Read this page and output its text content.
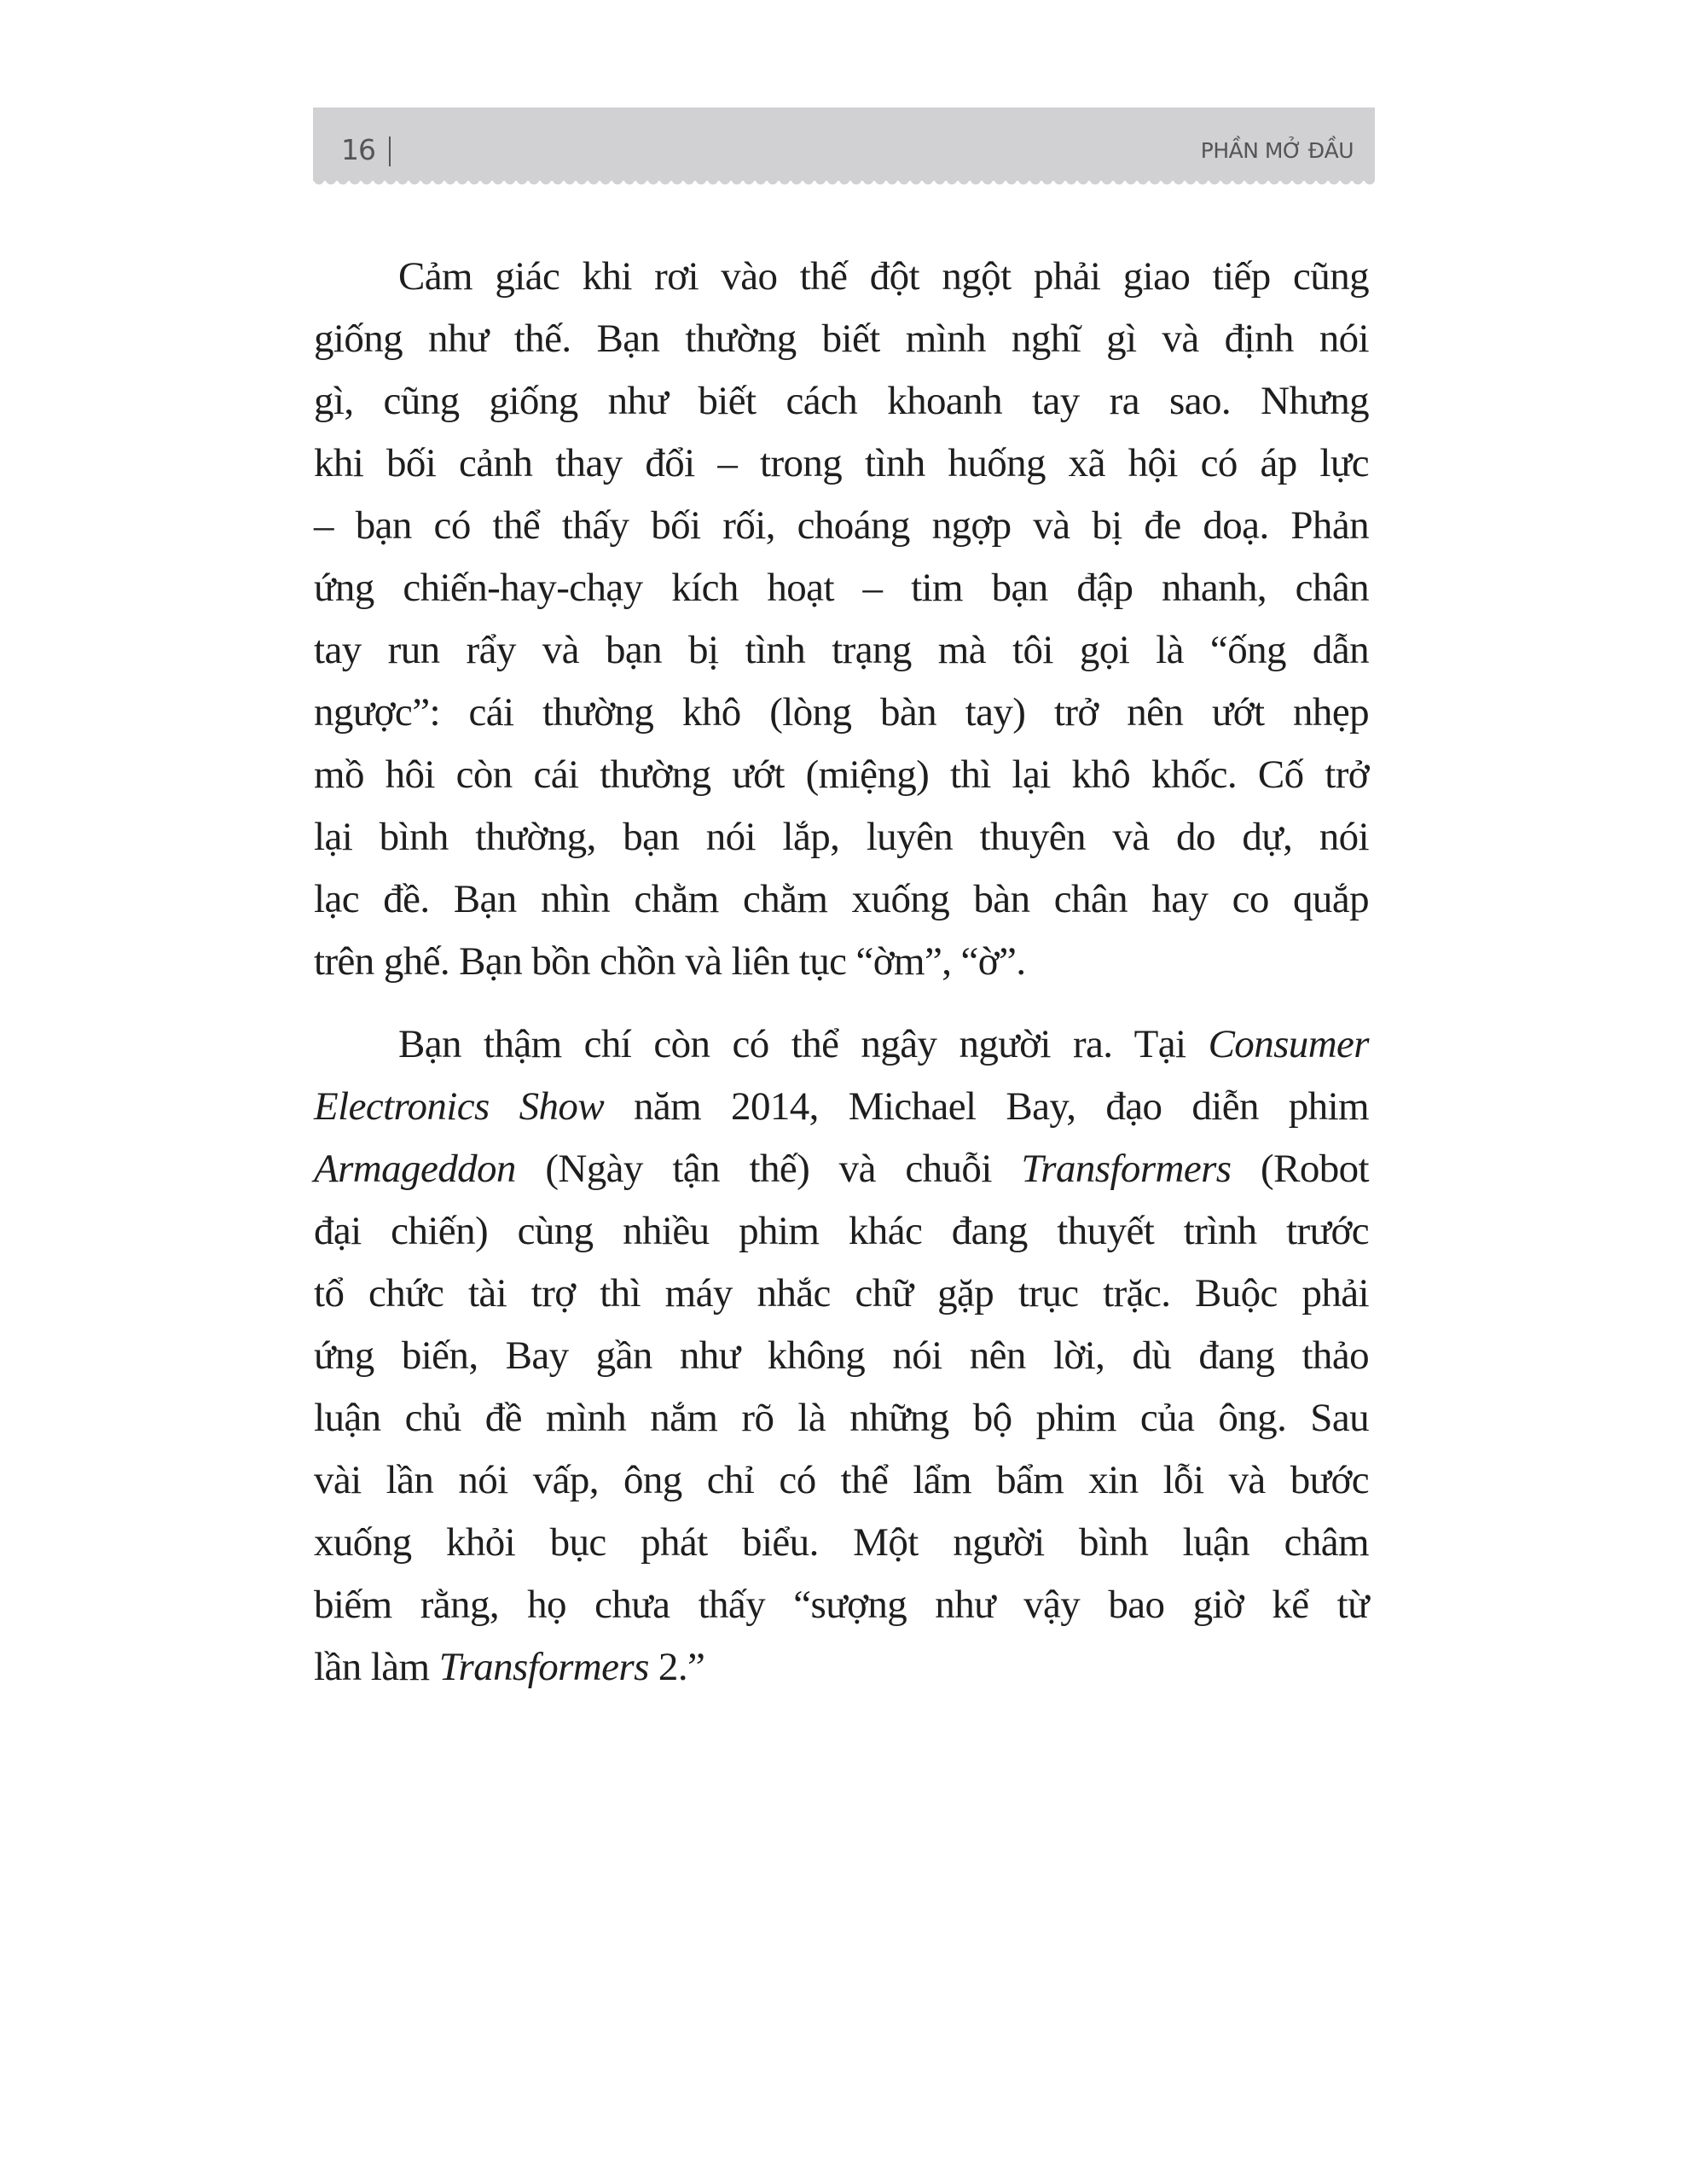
16	PHẦN MỞ ĐẦU
Cảm giác khi rơi vào thế đột ngột phải giao tiếp cũng
giống như thế. Bạn thường biết mình nghĩ gì và định nói
gì, cũng giống như biết cách khoanh tay ra sao. Nhưng
khi bối cảnh thay đổi – trong tình huống xã hội có áp lực
– bạn có thể thấy bối rối, choáng ngợp và bị đe doạ. Phản
ứng chiến-hay-chạy kích hoạt – tim bạn đập nhanh, chân
tay run rẩy và bạn bị tình trạng mà tôi gọi là “ống dẫn
ngược”: cái thường khô (lòng bàn tay) trở nên ướt nhẹp
mồ hôi còn cái thường ướt (miệng) thì lại khô khốc. Cố trở
lại bình thường, bạn nói lắp, luyên thuyên và do dự, nói
lạc đề. Bạn nhìn chằm chằm xuống bàn chân hay co quắp
trên ghế. Bạn bồn chồn và liên tục “ờm”, “ờ”.
Bạn thậm chí còn có thể ngây người ra. Tại Consumer
Electronics Show năm 2014, Michael Bay, đạo diễn phim
Armageddon (Ngày tận thế) và chuỗi Transformers (Robot
đại chiến) cùng nhiều phim khác đang thuyết trình trước
tổ chức tài trợ thì máy nhắc chữ gặp trục trặc. Buộc phải
ứng biến, Bay gần như không nói nên lời, dù đang thảo
luận chủ đề mình nắm rõ là những bộ phim của ông. Sau
vài lần nói vấp, ông chỉ có thể lẩm bẩm xin lỗi và bước
xuống khỏi bục phát biểu. Một người bình luận châm
biếm rằng, họ chưa thấy “sượng như vậy bao giờ kể từ
lần làm Transformers 2.”
